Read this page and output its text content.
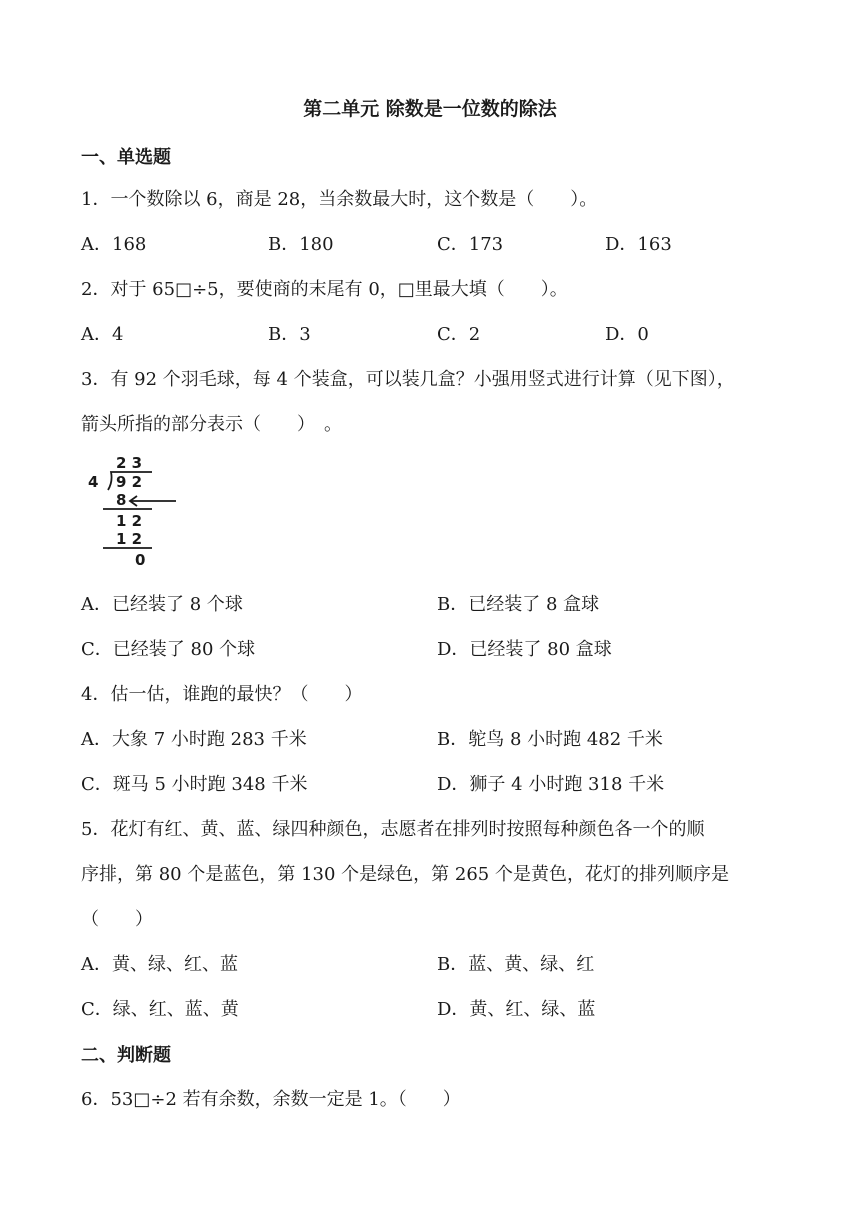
第二单元 除数是一位数的除法
一、单选题
1．一个数除以 6，商是 28，当余数最大时，这个数是（　　）。
A．168	B．180	C．173	D．163
2．对于 65□÷5，要使商的末尾有 0，□里最大填（　　）。
A．4	B．3	C．2	D．0
3．有 92 个羽毛球，每 4 个装盒，可以装几盒？小强用竖式进行计算（见下图），
箭头所指的部分表示（　　）　。
2 3
4 9 2
8
1 2
1 2
0
A．已经装了 8 个球	B．已经装了 8 盒球
C．已经装了 80 个球	D．已经装了 80 盒球
4．估一估，谁跑的最快？（　　）
A．大象 7 小时跑 283 千米	B．鸵鸟 8 小时跑 482 千米
C．斑马 5 小时跑 348 千米	D．狮子 4 小时跑 318 千米
5．花灯有红、黄、蓝、绿四种颜色，志愿者在排列时按照每种颜色各一个的顺
序排，第 80 个是蓝色，第 130 个是绿色，第 265 个是黄色，花灯的排列顺序是
（　　）
A．黄、绿、红、蓝	B．蓝、黄、绿、红
C．绿、红、蓝、黄	D．黄、红、绿、蓝
二、判断题
6．53□÷2 若有余数，余数一定是 1。（　　）
